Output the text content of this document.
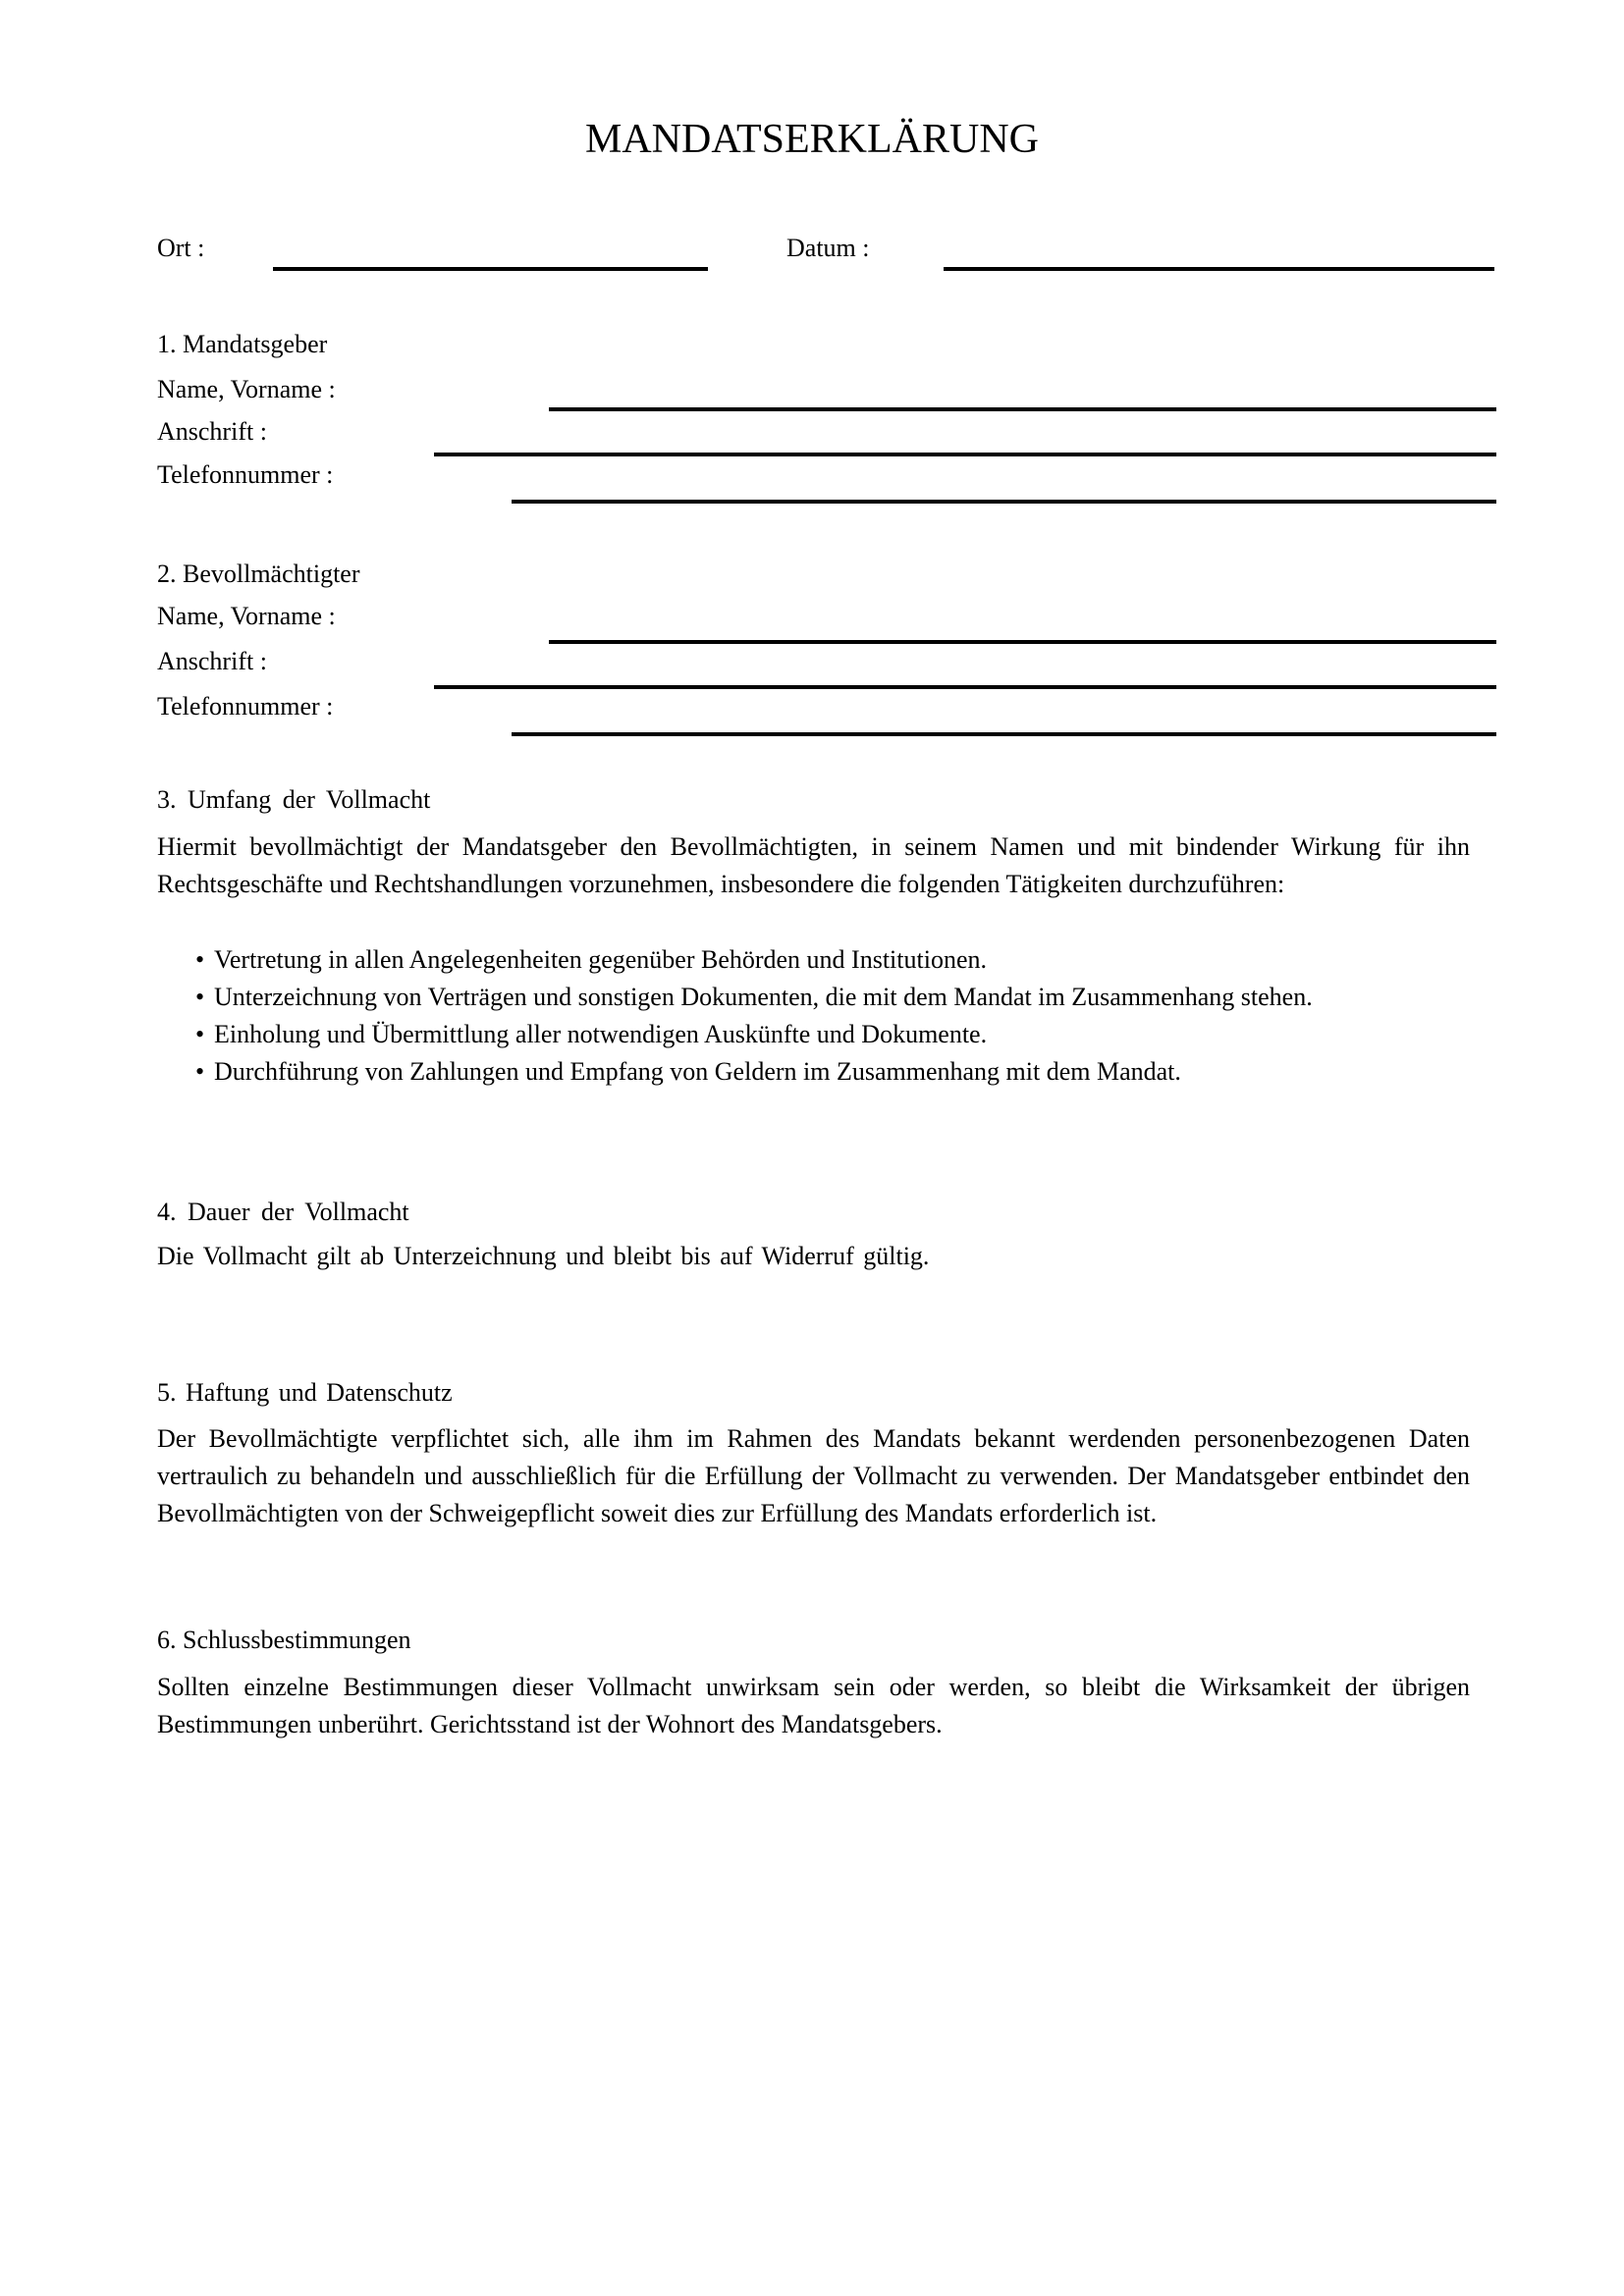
MANDATSERKLÄRUNG
Ort :	Datum :
1. Mandatsgeber
Name, Vorname :
Anschrift :
Telefonnummer :
2. Bevollmächtigter
Name, Vorname :
Anschrift :
Telefonnummer :
3. Umfang der Vollmacht
Hiermit bevollmächtigt der Mandatsgeber den Bevollmächtigten, in seinem Namen und mit bindender Wirkung für ihn Rechtsgeschäfte und Rechtshandlungen vorzunehmen, insbesondere die folgenden Tätigkeiten durchzuführen:
• Vertretung in allen Angelegenheiten gegenüber Behörden und Institutionen.
• Unterzeichnung von Verträgen und sonstigen Dokumenten, die mit dem Mandat im Zusammenhang stehen.
• Einholung und Übermittlung aller notwendigen Auskünfte und Dokumente.
• Durchführung von Zahlungen und Empfang von Geldern im Zusammenhang mit dem Mandat.
4. Dauer der Vollmacht
Die Vollmacht gilt ab Unterzeichnung und bleibt bis auf Widerruf gültig.
5. Haftung und Datenschutz
Der Bevollmächtigte verpflichtet sich, alle ihm im Rahmen des Mandats bekannt werdenden personenbezogenen Daten vertraulich zu behandeln und ausschließlich für die Erfüllung der Vollmacht zu verwenden. Der Mandatsgeber entbindet den Bevollmächtigten von der Schweigepflicht soweit dies zur Erfüllung des Mandats erforderlich ist.
6. Schlussbestimmungen
Sollten einzelne Bestimmungen dieser Vollmacht unwirksam sein oder werden, so bleibt die Wirksamkeit der übrigen Bestimmungen unberührt. Gerichtsstand ist der Wohnort des Mandatsgebers.
